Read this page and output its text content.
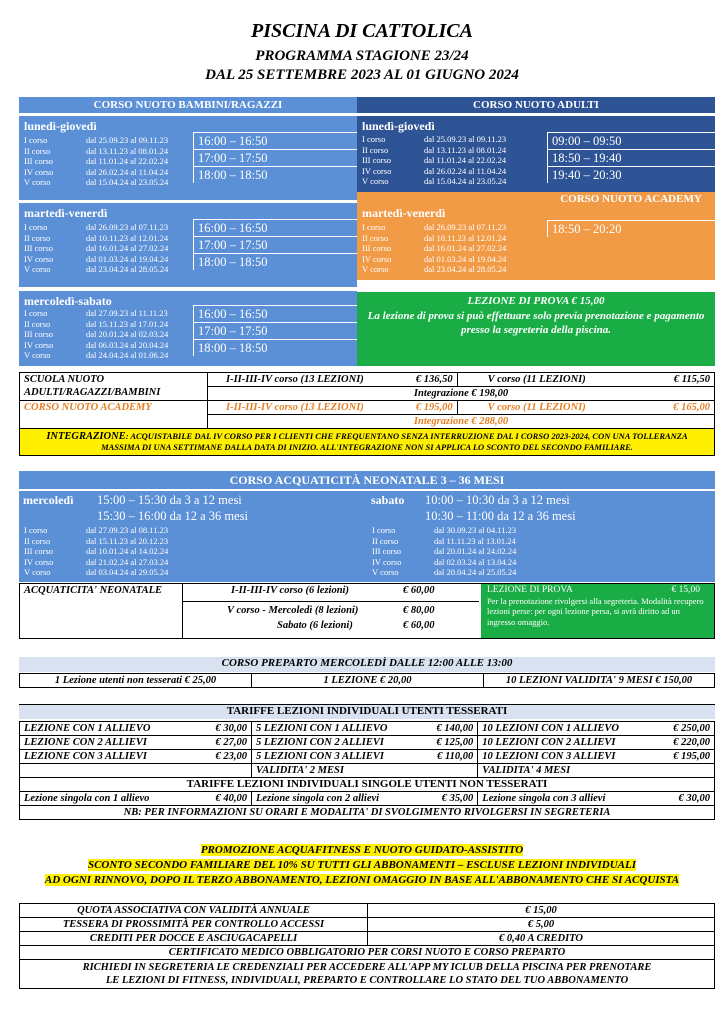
PISCINA DI CATTOLICA
PROGRAMMA STAGIONE 23/24
DAL 25 SETTEMBRE 2023 AL 01 GIUGNO 2024
CORSO NUOTO BAMBINI/RAGAZZI	CORSO NUOTO ADULTI
lunedì-giovedì
I corso	dal 25.09.23 al 09.11.23
II corso	dal 13.11.23 al 08.01.24
III corso	dal 11.01.24 al 22.02.24
IV corso	dal 26.02.24 al 11.04.24
V corso	dal 15.04.24 al 23.05.24
16:00 – 16:50
17:00 – 17:50
18:00 – 18:50
martedì-venerdì
I corso	dal 26.09.23 al 07.11.23
II corso	dal 10.11.23 al 12.01.24
III corso	dal 16.01.24 al 27.02.24
IV corso	dal 01.03.24 al 19.04.24
V corso	dal 23.04.24 al 28.05.24
16:00 – 16:50
17:00 – 17:50
18:00 – 18:50
mercoledì-sabato
I corso	dal 27.09.23 al 11.11.23
II corso	dal 15.11.23 al 17.01.24
III corso	dal 20.01.24 al 02.03.24
IV corso	dal 06.03.24 al 20.04.24
V corso	dal 24.04.24 al 01.06.24
16:00 – 16:50
17:00 – 17:50
18:00 – 18:50
lunedì-giovedì
I corso	dal 25.09.23 al 09.11.23
II corso	dal 13.11.23 al 08.01.24
III corso	dal 11.01.24 al 22.02.24
IV corso	dal 26.02.24 al 11.04.24
V corso	dal 15.04.24 al 23.05.24
09:00 – 09:50
18:50 – 19:40
19:40 – 20:30
CORSO NUOTO ACADEMY
martedì-venerdì
I corso	dal 26.09.23 al 07.11.23
II corso	dal 10.11.23 al 12.01.24
III corso	dal 16.01.24 al 27.02.24
IV corso	dal 01.03.24 al 19.04.24
V corso	dal 23.04.24 al 28.05.24
18:50 – 20:20
LEZIONE DI PROVA € 15,00
La lezione di prova si può effettuare solo previa prenotazione e pagamento presso la segreteria della piscina.
SCUOLA NUOTO ADULTI/RAGAZZI/BAMBINI	I-II-III-IV corso (13 LEZIONI)	€ 136,50	V corso (11 LEZIONI)	€ 115,50
	Integrazione € 198,00			
CORSO NUOTO ACADEMY	I-II-III-IV corso (13 LEZIONI)	€ 195,00	V corso (11 LEZIONI)	€ 165,00
	Integrazione € 288,00			
INTEGRAZIONE: ACQUISTABILE DAL IV CORSO PER I CLIENTI CHE FREQUENTANO SENZA INTERRUZIONE DAL I CORSO 2023-2024, CON UNA TOLLERANZA MASSIMA DI UNA SETTIMANE DALLA DATA DI INIZIO. ALL'INTEGRAZIONE NON SI APPLICA LO SCONTO DEL SECONDO FAMILIARE.				
CORSO ACQUATICITÀ NEONATALE 3 – 36 MESI
mercoledì 15:00 – 15:30 da 3 a 12 mesi
15:30 – 16:00 da 12 a 36 mesi
I corso	dal 27.09.23 al 08.11.23
II corso	dal 15.11.23 al 20.12.23
III corso	dal 10.01.24 al 14.02.24
IV corso	dal 21.02.24 al 27.03.24
V corso	dal 03.04.24 al 29.05.24
sabato 10:00 – 10:30 da 3 a 12 mesi
10:30 – 11:00 da 12 a 36 mesi
I corso	dal 30.09.23 al 04.11.23
II corso	dal 11.11.23 al 13.01.24
III corso	dal 20.01.24 al 24.02.24
IV corso	dal 02.03.24 al 13.04.24
V corso	dal 20.04.24 al 25.05.24
ACQUATICITA' NEONATALE	I-II-III-IV corso (6 lezioni)	€ 60,00
V corso - Mercoledì (8 lezioni)	€ 80,00
Sabato (6 lezioni)	€ 60,00
LEZIONE DI PROVA	€ 15,00
Per la prenotazione rivolgersi alla segreteria. Modalità recupero lezioni perse: per ogni lezione persa, si avrà diritto ad un ingresso omaggio.
CORSO PREPARTO MERCOLEDÌ DALLE 12:00 ALLE 13:00
1 Lezione utenti non tesserati € 25,00	1 LEZIONE € 20,00	10 LEZIONI VALIDITA' 9 MESI € 150,00
TARIFFE LEZIONI INDIVIDUALI UTENTI TESSERATI
LEZIONE CON 1 ALLIEVO	€ 30,00	5 LEZIONI CON 1 ALLIEVO	€ 140,00	10 LEZIONI CON 1 ALLIEVO	€ 250,00
LEZIONE CON 2 ALLIEVI	€ 27,00	5 LEZIONI CON 2 ALLIEVI	€ 125,00	10 LEZIONI CON 2 ALLIEVI	€ 220,00
LEZIONE CON 3 ALLIEVI	€ 23,00	5 LEZIONI CON 3 ALLIEVI	€ 110,00	10 LEZIONI CON 3 ALLIEVI	€ 195,00
		VALIDITA' 2 MESI		VALIDITA' 4 MESI	
TARIFFE LEZIONI INDIVIDUALI SINGOLE UTENTI NON TESSERATI					
Lezione singola con 1 allievo	€ 40,00	Lezione singola con 2 allievi	€ 35,00	Lezione singola con 3 allievi	€ 30,00
NB: PER INFORMAZIONI SU ORARI E MODALITA' DI SVOLGIMENTO RIVOLGERSI IN SEGRETERIA					
PROMOZIONE ACQUAFITNESS E NUOTO GUIDATO-ASSISTITO
SCONTO SECONDO FAMILIARE DEL 10% SU TUTTI GLI ABBONAMENTI – ESCLUSE LEZIONI INDIVIDUALI
AD OGNI RINNOVO, DOPO IL TERZO ABBONAMENTO, LEZIONI OMAGGIO IN BASE ALL'ABBONAMENTO CHE SI ACQUISTA
QUOTA ASSOCIATIVA CON VALIDITÀ ANNUALE	€ 15,00
TESSERA DI PROSSIMITÀ PER CONTROLLO ACCESSI	€ 5,00
CREDITI PER DOCCE E ASCIUGACAPELLI	€ 0,40 A CREDITO
CERTIFICATO MEDICO OBBLIGATORIO PER CORSI NUOTO E CORSO PREPARTO	
RICHIEDI IN SEGRETERIA LE CREDENZIALI PER ACCEDERE ALL'APP MY ICLUB DELLA PISCINA PER PRENOTARE LE LEZIONI DI FITNESS, INDIVIDUALI, PREPARTO E CONTROLLARE LO STATO DEL TUO ABBONAMENTO	
